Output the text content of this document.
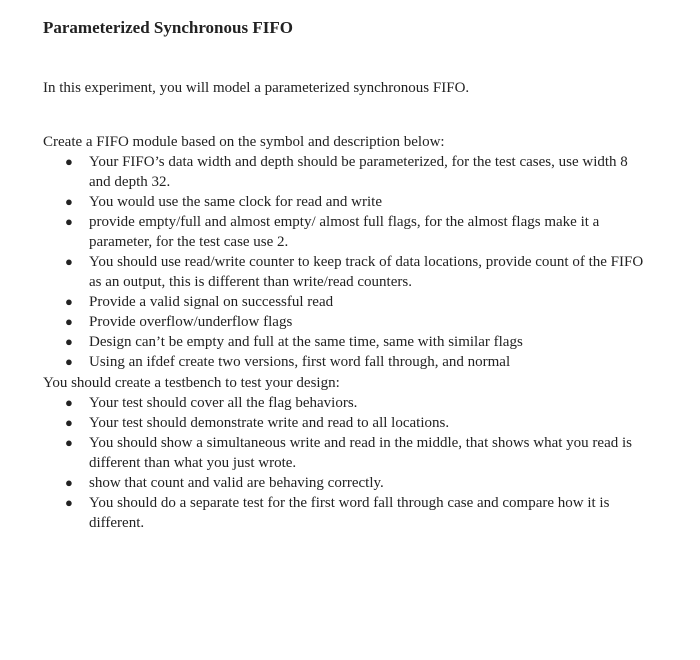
Parameterized Synchronous FIFO

In this experiment, you will model a parameterized synchronous FIFO.

Create a FIFO module based on the symbol and description below:

● Your FIFO’s data width and depth should be parameterized, for the test cases, use width 8 and depth 32.
● You would use the same clock for read and write
● provide empty/full and almost empty/ almost full flags, for the almost flags make it a parameter, for the test case use 2.
● You should use read/write counter to keep track of data locations, provide count of the FIFO as an output, this is different than write/read counters.
● Provide a valid signal on successful read
● Provide overflow/underflow flags
● Design can’t be empty and full at the same time, same with similar flags
● Using an ifdef create two versions, first word fall through, and normal

You should create a testbench to test your design:

● Your test should cover all the flag behaviors.
● Your test should demonstrate write and read to all locations.
● You should show a simultaneous write and read in the middle, that shows what you read is different than what you just wrote.
● show that count and valid are behaving correctly.
● You should do a separate test for the first word fall through case and compare how it is different.
